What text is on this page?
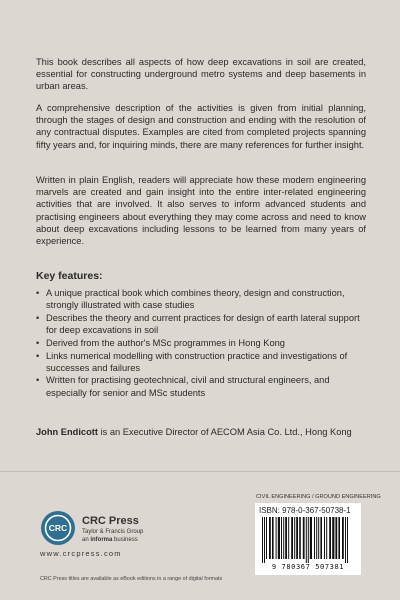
This book describes all aspects of how deep excavations in soil are created, essential for constructing underground metro systems and deep basements in urban areas.

A comprehensive description of the activities is given from initial planning, through the stages of design and construction and ending with the resolution of any contractual disputes. Examples are cited from completed projects spanning fifty years and, for inquiring minds, there are many references for further insight.

Written in plain English, readers will appreciate how these modern engineering marvels are created and gain insight into the entire inter-related engineering activities that are involved. It also serves to inform advanced students and practising engineers about everything they may come across and need to know about deep excavations including lessons to be learned from many years of experience.

Key features:

• A unique practical book which combines theory, design and construction, strongly illustrated with case studies
• Describes the theory and current practices for design of earth lateral support for deep excavations in soil
• Derived from the author's MSc programmes in Hong Kong
• Links numerical modelling with construction practice and investigations of successes and failures
• Written for practising geotechnical, civil and structural engineers, and especially for senior and MSc students

John Endicott is an Executive Director of AECOM Asia Co. Ltd., Hong Kong

CRC
CRC Press
Taylor & Francis Group
an informa business
www.crcpress.com
CRC Press titles are available as eBook editions in a range of digital formats
CIVIL ENGINEERING / GROUND ENGINEERING
ISBN: 978-0-367-50738-1
9 780367 507381
